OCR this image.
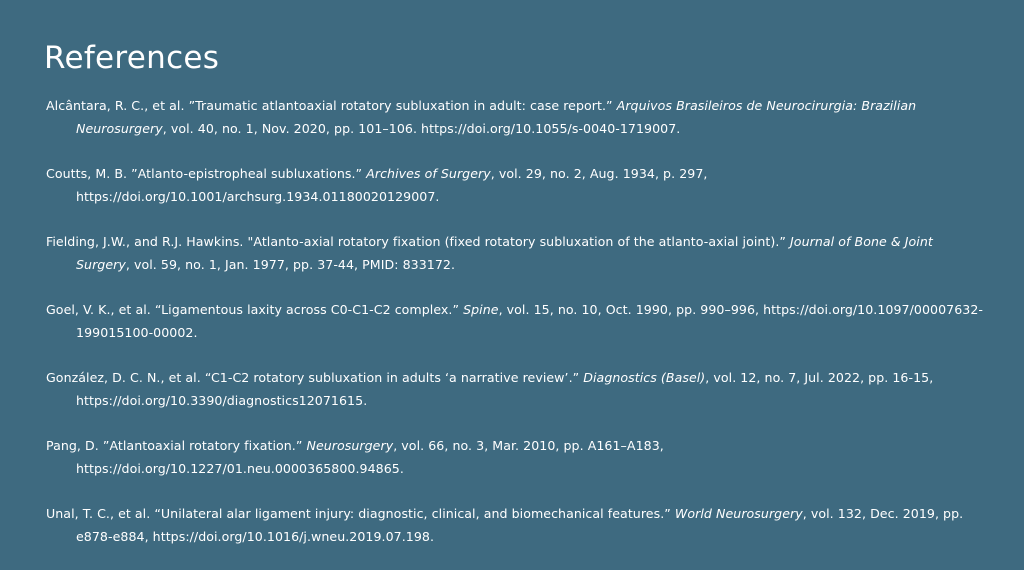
References
Alcântara, R. C., et al. ”Traumatic atlantoaxial rotatory subluxation in adult: case report.” Arquivos Brasileiros de Neurocirurgia: Brazilian Neurosurgery, vol. 40, no. 1, Nov. 2020, pp. 101–106. https://doi.org/10.1055/s-0040-1719007.
Coutts, M. B. ”Atlanto-epistropheal subluxations.” Archives of Surgery, vol. 29, no. 2, Aug. 1934, p. 297, https://doi.org/10.1001/archsurg.1934.01180020129007.
Fielding, J.W., and R.J. Hawkins. "Atlanto-axial rotatory fixation (fixed rotatory subluxation of the atlanto-axial joint).” Journal of Bone & Joint Surgery, vol. 59, no. 1, Jan. 1977, pp. 37-44, PMID: 833172.
Goel, V. K., et al. “Ligamentous laxity across C0-C1-C2 complex.” Spine, vol. 15, no. 10, Oct. 1990, pp. 990–996, https://doi.org/10.1097/00007632-199015100-00002.
González, D. C. N., et al. “C1-C2 rotatory subluxation in adults ‘a narrative review’.” Diagnostics (Basel), vol. 12, no. 7, Jul. 2022, pp. 16-15, https://doi.org/10.3390/diagnostics12071615.
Pang, D. ”Atlantoaxial rotatory fixation.” Neurosurgery, vol. 66, no. 3, Mar. 2010, pp. A161–A183, https://doi.org/10.1227/01.neu.0000365800.94865.
Unal, T. C., et al. “Unilateral alar ligament injury: diagnostic, clinical, and biomechanical features.” World Neurosurgery, vol. 132, Dec. 2019, pp. e878-e884, https://doi.org/10.1016/j.wneu.2019.07.198.
